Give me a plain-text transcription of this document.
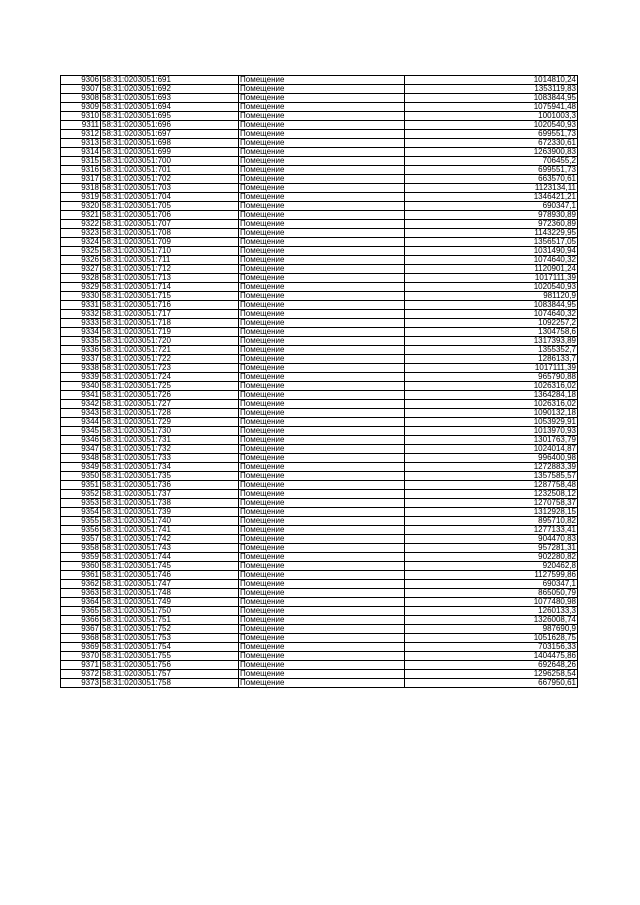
9306	58:31:0203051:691	Помещение	1014810,24
9307	58:31:0203051:692	Помещение	1353119,83
9308	58:31:0203051:693	Помещение	1083844,95
9309	58:31:0203051:694	Помещение	1075941,48
9310	58:31:0203051:695	Помещение	1001003,3
9311	58:31:0203051:696	Помещение	1020540,93
9312	58:31:0203051:697	Помещение	699551,73
9313	58:31:0203051:698	Помещение	672330,61
9314	58:31:0203051:699	Помещение	1263900,83
9315	58:31:0203051:700	Помещение	706455,2
9316	58:31:0203051:701	Помещение	699551,73
9317	58:31:0203051:702	Помещение	663570,61
9318	58:31:0203051:703	Помещение	1123134,11
9319	58:31:0203051:704	Помещение	1346421,21
9320	58:31:0203051:705	Помещение	690347,1
9321	58:31:0203051:706	Помещение	978930,89
9322	58:31:0203051:707	Помещение	972360,89
9323	58:31:0203051:708	Помещение	1143229,95
9324	58:31:0203051:709	Помещение	1356517,05
9325	58:31:0203051:710	Помещение	1031490,94
9326	58:31:0203051:711	Помещение	1074640,32
9327	58:31:0203051:712	Помещение	1120901,24
9328	58:31:0203051:713	Помещение	1017111,39
9329	58:31:0203051:714	Помещение	1020540,93
9330	58:31:0203051:715	Помещение	981120,9
9331	58:31:0203051:716	Помещение	1083844,95
9332	58:31:0203051:717	Помещение	1074640,32
9333	58:31:0203051:718	Помещение	1092257,2
9334	58:31:0203051:719	Помещение	1304758,6
9335	58:31:0203051:720	Помещение	1317393,89
9336	58:31:0203051:721	Помещение	1355352,7
9337	58:31:0203051:722	Помещение	1286133,7
9338	58:31:0203051:723	Помещение	1017111,39
9339	58:31:0203051:724	Помещение	965790,88
9340	58:31:0203051:725	Помещение	1026316,02
9341	58:31:0203051:726	Помещение	1364284,18
9342	58:31:0203051:727	Помещение	1026316,02
9343	58:31:0203051:728	Помещение	1090132,18
9344	58:31:0203051:729	Помещение	1053929,91
9345	58:31:0203051:730	Помещение	1013970,93
9346	58:31:0203051:731	Помещение	1301763,79
9347	58:31:0203051:732	Помещение	1024014,87
9348	58:31:0203051:733	Помещение	996400,98
9349	58:31:0203051:734	Помещение	1272883,39
9350	58:31:0203051:735	Помещение	1357585,57
9351	58:31:0203051:736	Помещение	1287758,48
9352	58:31:0203051:737	Помещение	1232508,12
9353	58:31:0203051:738	Помещение	1270758,37
9354	58:31:0203051:739	Помещение	1312928,15
9355	58:31:0203051:740	Помещение	895710,82
9356	58:31:0203051:741	Помещение	1277133,41
9357	58:31:0203051:742	Помещение	904470,83
9358	58:31:0203051:743	Помещение	957281,31
9359	58:31:0203051:744	Помещение	902280,82
9360	58:31:0203051:745	Помещение	920462,8
9361	58:31:0203051:746	Помещение	1127599,86
9362	58:31:0203051:747	Помещение	690347,1
9363	58:31:0203051:748	Помещение	865050,79
9364	58:31:0203051:749	Помещение	1077480,98
9365	58:31:0203051:750	Помещение	1260133,3
9366	58:31:0203051:751	Помещение	1326008,74
9367	58:31:0203051:752	Помещение	987690,9
9368	58:31:0203051:753	Помещение	1051628,75
9369	58:31:0203051:754	Помещение	703156,33
9370	58:31:0203051:755	Помещение	1404475,86
9371	58:31:0203051:756	Помещение	692648,26
9372	58:31:0203051:757	Помещение	1296258,54
9373	58:31:0203051:758	Помещение	667950,61
